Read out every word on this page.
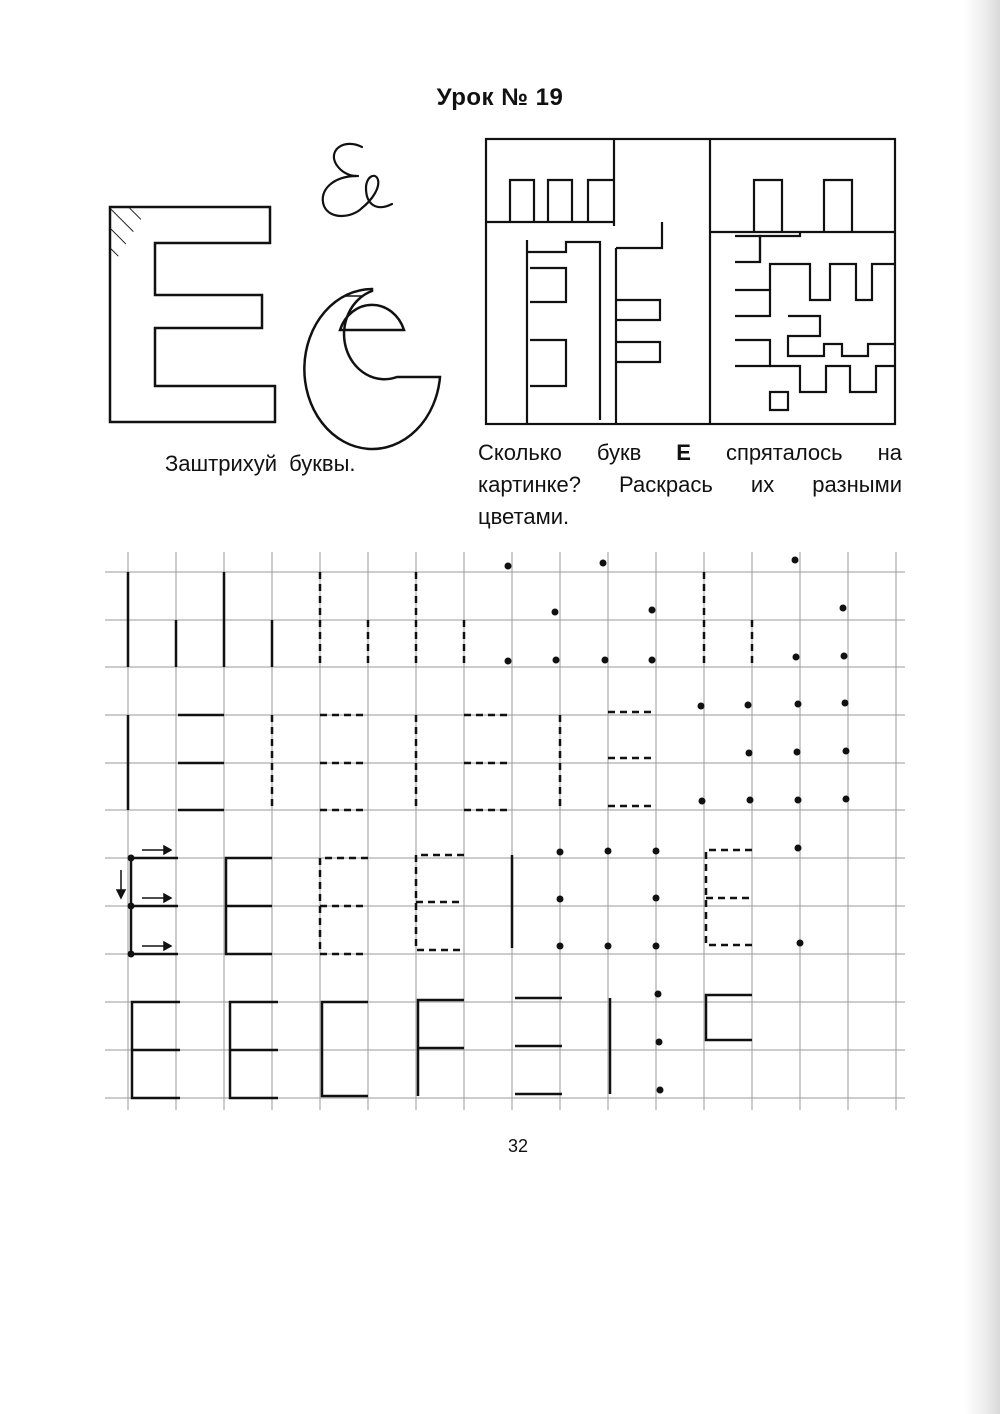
Урок № 19
Заштрихуй буквы.	Сколько букв Е спряталось на картинке? Раскрась их разными цветами.
32
